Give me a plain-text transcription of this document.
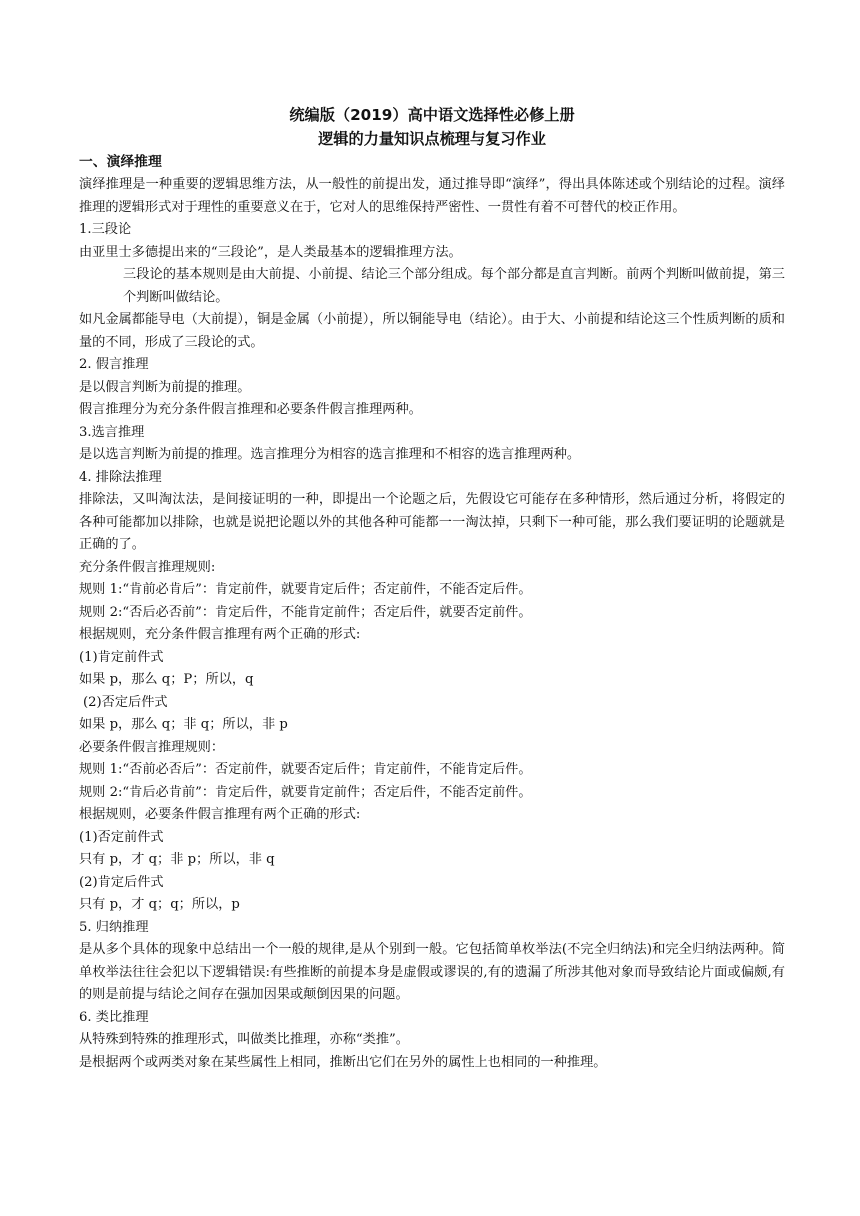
统编版（2019）高中语文选择性必修上册

逻辑的力量知识点梳理与复习作业

一、演绎推理

演绎推理是一种重要的逻辑思维方法，从一般性的前提出发，通过推导即“演绎”，得出具体陈述或个别结论的过程。演绎推理的逻辑形式对于理性的重要意义在于，它对人的思维保持严密性、一贯性有着不可替代的校正作用。

1.三段论

由亚里士多德提出来的“三段论”，是人类最基本的逻辑推理方法。

三段论的基本规则是由大前提、小前提、结论三个部分组成。每个部分都是直言判断。前两个判断叫做前提，第三个判断叫做结论。

如凡金属都能导电（大前提），铜是金属（小前提），所以铜能导电（结论）。由于大、小前提和结论这三个性质判断的质和量的不同，形成了三段论的式。

2. 假言推理

是以假言判断为前提的推理。

假言推理分为充分条件假言推理和必要条件假言推理两种。

3.选言推理

是以选言判断为前提的推理。选言推理分为相容的选言推理和不相容的选言推理两种。

4. 排除法推理

排除法，又叫淘汰法，是间接证明的一种，即提出一个论题之后，先假设它可能存在多种情形，然后通过分析，将假定的各种可能都加以排除，也就是说把论题以外的其他各种可能都一一淘汰掉，只剩下一种可能，那么我们要证明的论题就是正确的了。

充分条件假言推理规则:

规则 1:“肯前必肯后”：肯定前件，就要肯定后件；否定前件，不能否定后件。

规则 2:“否后必否前”：肯定后件，不能肯定前件；否定后件，就要否定前件。

根据规则，充分条件假言推理有两个正确的形式:

(1)肯定前件式

如果 p，那么 q；P；所以，q

(2)否定后件式

如果 p，那么 q；非 q；所以，非 p

必要条件假言推理规则：

规则 1:“否前必否后”：否定前件，就要否定后件；肯定前件，不能肯定后件。

规则 2:“肯后必肯前”：肯定后件，就要肯定前件；否定后件，不能否定前件。

根据规则，必要条件假言推理有两个正确的形式:

(1)否定前件式

只有 p，才 q；非 p；所以，非 q

(2)肯定后件式

只有 p，才 q；q；所以，p

5. 归纳推理

是从多个具体的现象中总结出一个一般的规律,是从个别到一般。它包括简单枚举法(不完全归纳法)和完全归纳法两种。简单枚举法往往会犯以下逻辑错误:有些推断的前提本身是虚假或谬误的,有的遗漏了所涉其他对象而导致结论片面或偏颇,有的则是前提与结论之间存在强加因果或颠倒因果的问题。

6. 类比推理

从特殊到特殊的推理形式，叫做类比推理，亦称“类推”。

是根据两个或两类对象在某些属性上相同，推断出它们在另外的属性上也相同的一种推理。
